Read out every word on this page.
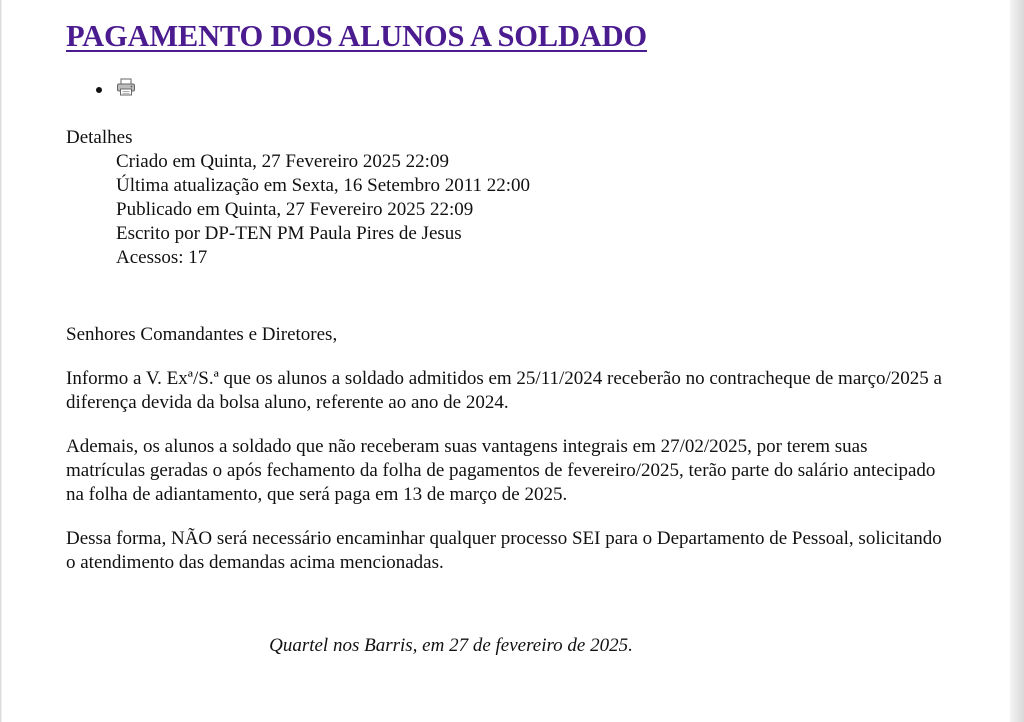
PAGAMENTO DOS ALUNOS A SOLDADO
Detalhes
Criado em Quinta, 27 Fevereiro 2025 22:09
Última atualização em Sexta, 16 Setembro 2011 22:00
Publicado em Quinta, 27 Fevereiro 2025 22:09
Escrito por DP-TEN PM Paula Pires de Jesus
Acessos: 17

Senhores Comandantes e Diretores,

Informo a V. Exª/S.ª que os alunos a soldado admitidos em 25/11/2024 receberão no contracheque de março/2025 a diferença devida da bolsa aluno, referente ao ano de 2024.

Ademais, os alunos a soldado que não receberam suas vantagens integrais em 27/02/2025, por terem suas matrículas geradas o após fechamento da folha de pagamentos de fevereiro/2025, terão parte do salário antecipado na folha de adiantamento, que será paga em 13 de março de 2025.

Dessa forma, NÃO será necessário encaminhar qualquer processo SEI para o Departamento de Pessoal, solicitando o atendimento das demandas acima mencionadas.

Quartel nos Barris, em 27 de fevereiro de 2025.
